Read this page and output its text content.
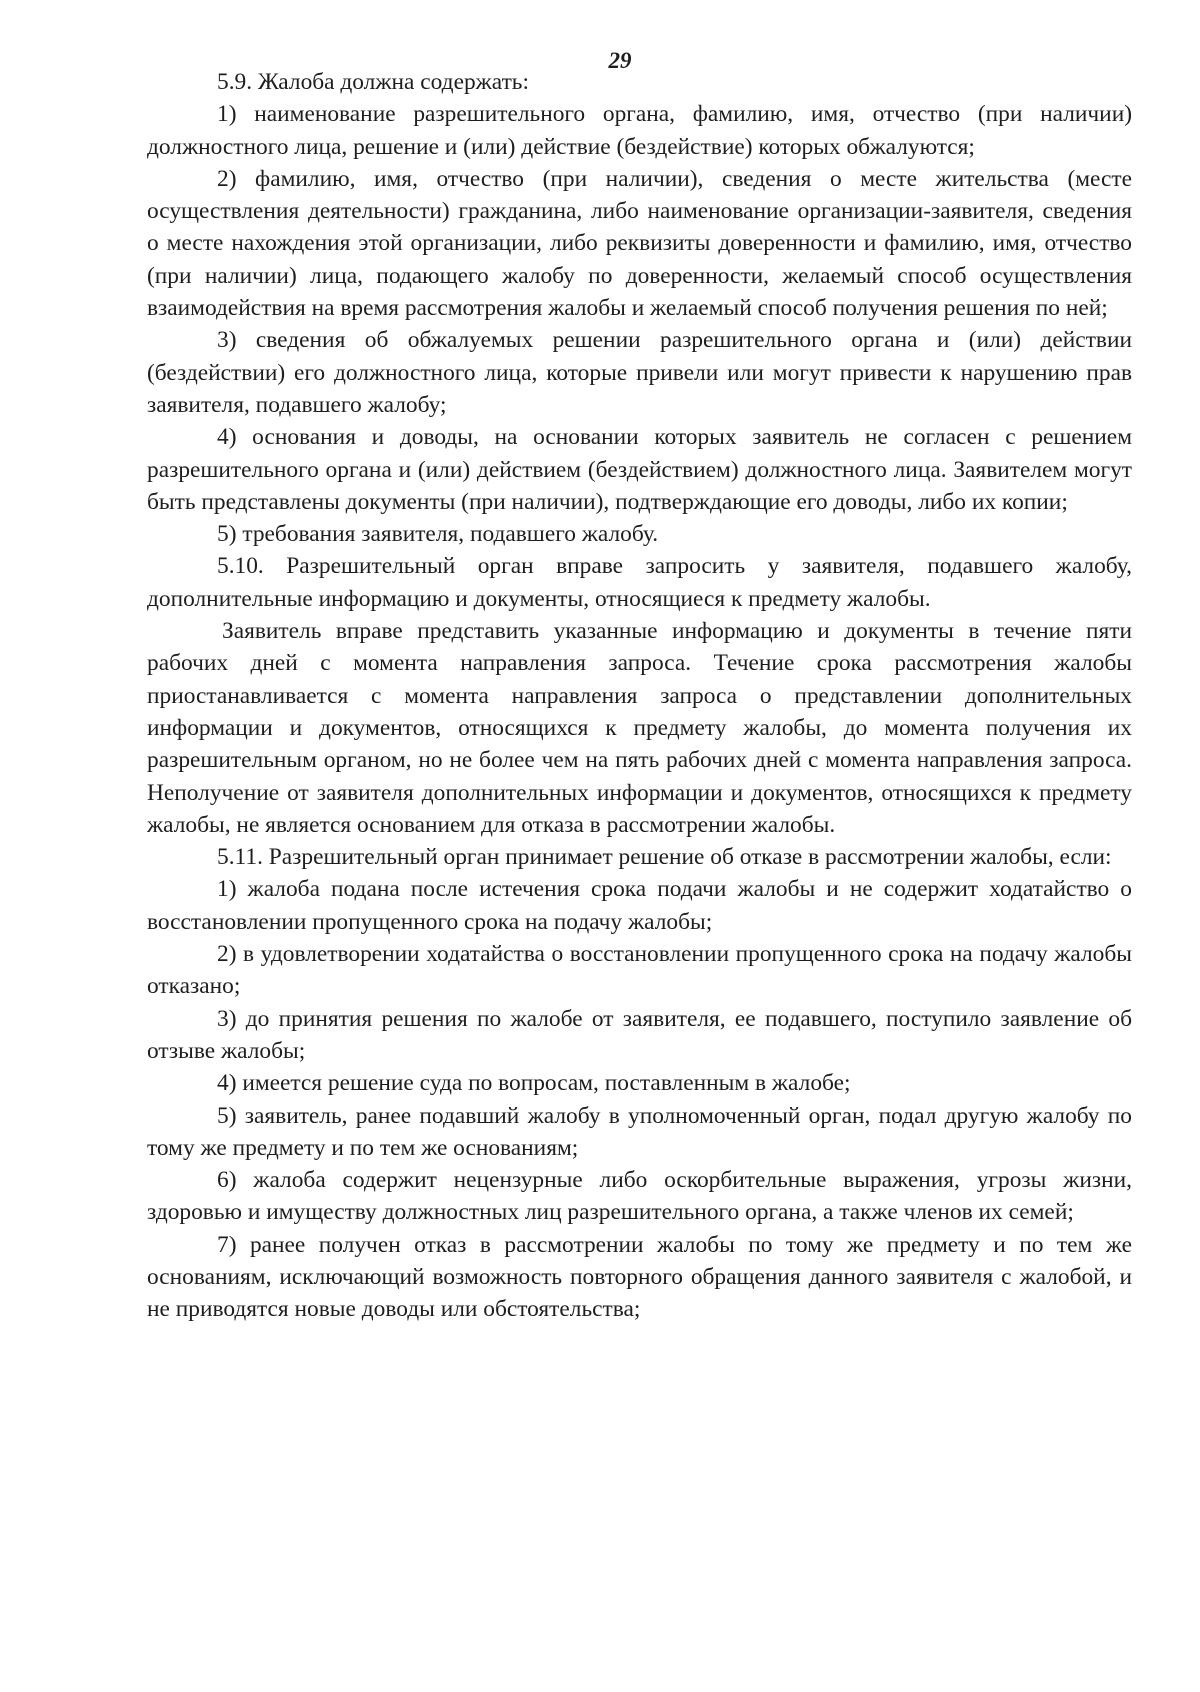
29

5.9. Жалоба должна содержать:

1) наименование разрешительного органа, фамилию, имя, отчество (при наличии) должностного лица, решение и (или) действие (бездействие) которых обжалуются;

2) фамилию, имя, отчество (при наличии), сведения о месте жительства (месте осуществления деятельности) гражданина, либо наименование организации-заявителя, сведения о месте нахождения этой организации, либо реквизиты доверенности и фамилию, имя, отчество (при наличии) лица, подающего жалобу по доверенности, желаемый способ осуществления взаимодействия на время рассмотрения жалобы и желаемый способ получения решения по ней;

3) сведения об обжалуемых решении разрешительного органа и (или) действии (бездействии) его должностного лица, которые привели или могут привести к нарушению прав заявителя, подавшего жалобу;

4) основания и доводы, на основании которых заявитель не согласен с решением разрешительного органа и (или) действием (бездействием) должностного лица. Заявителем могут быть представлены документы (при наличии), подтверждающие его доводы, либо их копии;

5) требования заявителя, подавшего жалобу.

5.10. Разрешительный орган вправе запросить у заявителя, подавшего жалобу, дополнительные информацию и документы, относящиеся к предмету жалобы.

Заявитель вправе представить указанные информацию и документы в течение пяти рабочих дней с момента направления запроса. Течение срока рассмотрения жалобы приостанавливается с момента направления запроса о представлении дополнительных информации и документов, относящихся к предмету жалобы, до момента получения их разрешительным органом, но не более чем на пять рабочих дней с момента направления запроса. Неполучение от заявителя дополнительных информации и документов, относящихся к предмету жалобы, не является основанием для отказа в рассмотрении жалобы.

5.11. Разрешительный орган принимает решение об отказе в рассмотрении жалобы, если:

1) жалоба подана после истечения срока подачи жалобы и не содержит ходатайство о восстановлении пропущенного срока на подачу жалобы;

2) в удовлетворении ходатайства о восстановлении пропущенного срока на подачу жалобы отказано;

3) до принятия решения по жалобе от заявителя, ее подавшего, поступило заявление об отзыве жалобы;

4) имеется решение суда по вопросам, поставленным в жалобе;

5) заявитель, ранее подавший жалобу в уполномоченный орган, подал другую жалобу по тому же предмету и по тем же основаниям;

6) жалоба содержит нецензурные либо оскорбительные выражения, угрозы жизни, здоровью и имуществу должностных лиц разрешительного органа, а также членов их семей;

7) ранее получен отказ в рассмотрении жалобы по тому же предмету и по тем же основаниям, исключающий возможность повторного обращения данного заявителя с жалобой, и не приводятся новые доводы или обстоятельства;
